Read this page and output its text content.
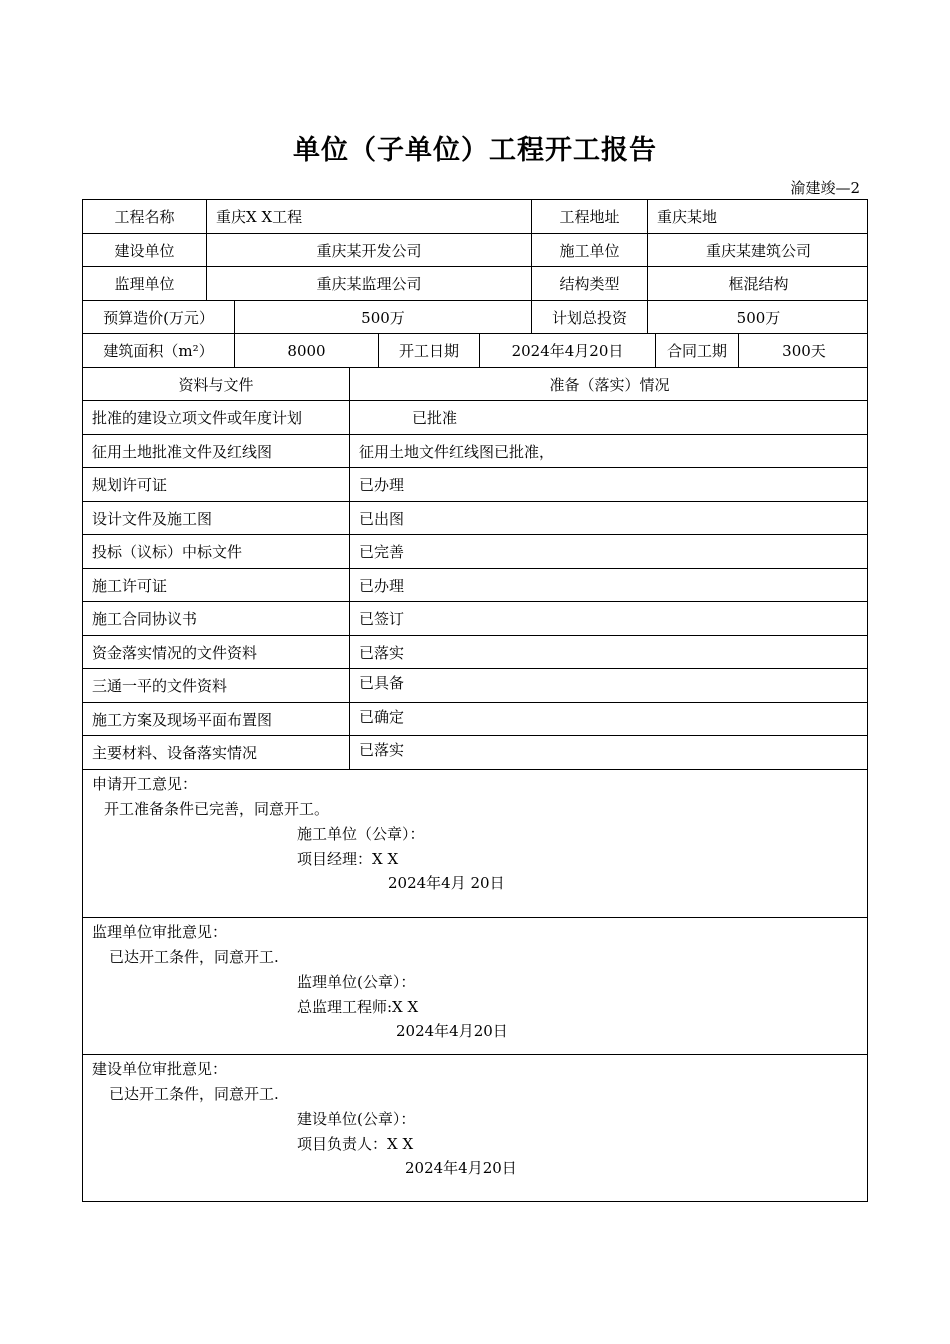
单位（子单位）工程开工报告
渝建竣—2
工程名称	重庆X X工程	工程地址	重庆某地
建设单位	重庆某开发公司	施工单位	重庆某建筑公司
监理单位	重庆某监理公司	结构类型	框混结构
预算造价(万元）	500万	计划总投资	500万
建筑面积（m²）	8000	开工日期	2024年4月20日	合同工期	300天
资料与文件	准备（落实）情况
批准的建设立项文件或年度计划	已批准
征用土地批准文件及红线图	征用土地文件红线图已批准，
规划许可证	已办理
设计文件及施工图	已出图
投标（议标）中标文件	已完善
施工许可证	已办理
施工合同协议书	已签订
资金落实情况的文件资料	已落实
三通一平的文件资料	已具备
施工方案及现场平面布置图	已确定
主要材料、设备落实情况	已落实
申请开工意见：
开工准备条件已完善，同意开工。
施工单位（公章）：
项目经理：X X
2024年4月 20日
监理单位审批意见：
已达开工条件，同意开工.
监理单位(公章）：
总监理工程师:X X
2024年4月20日
建设单位审批意见：
已达开工条件，同意开工.
建设单位(公章）：
项目负责人：X X
2024年4月20日
